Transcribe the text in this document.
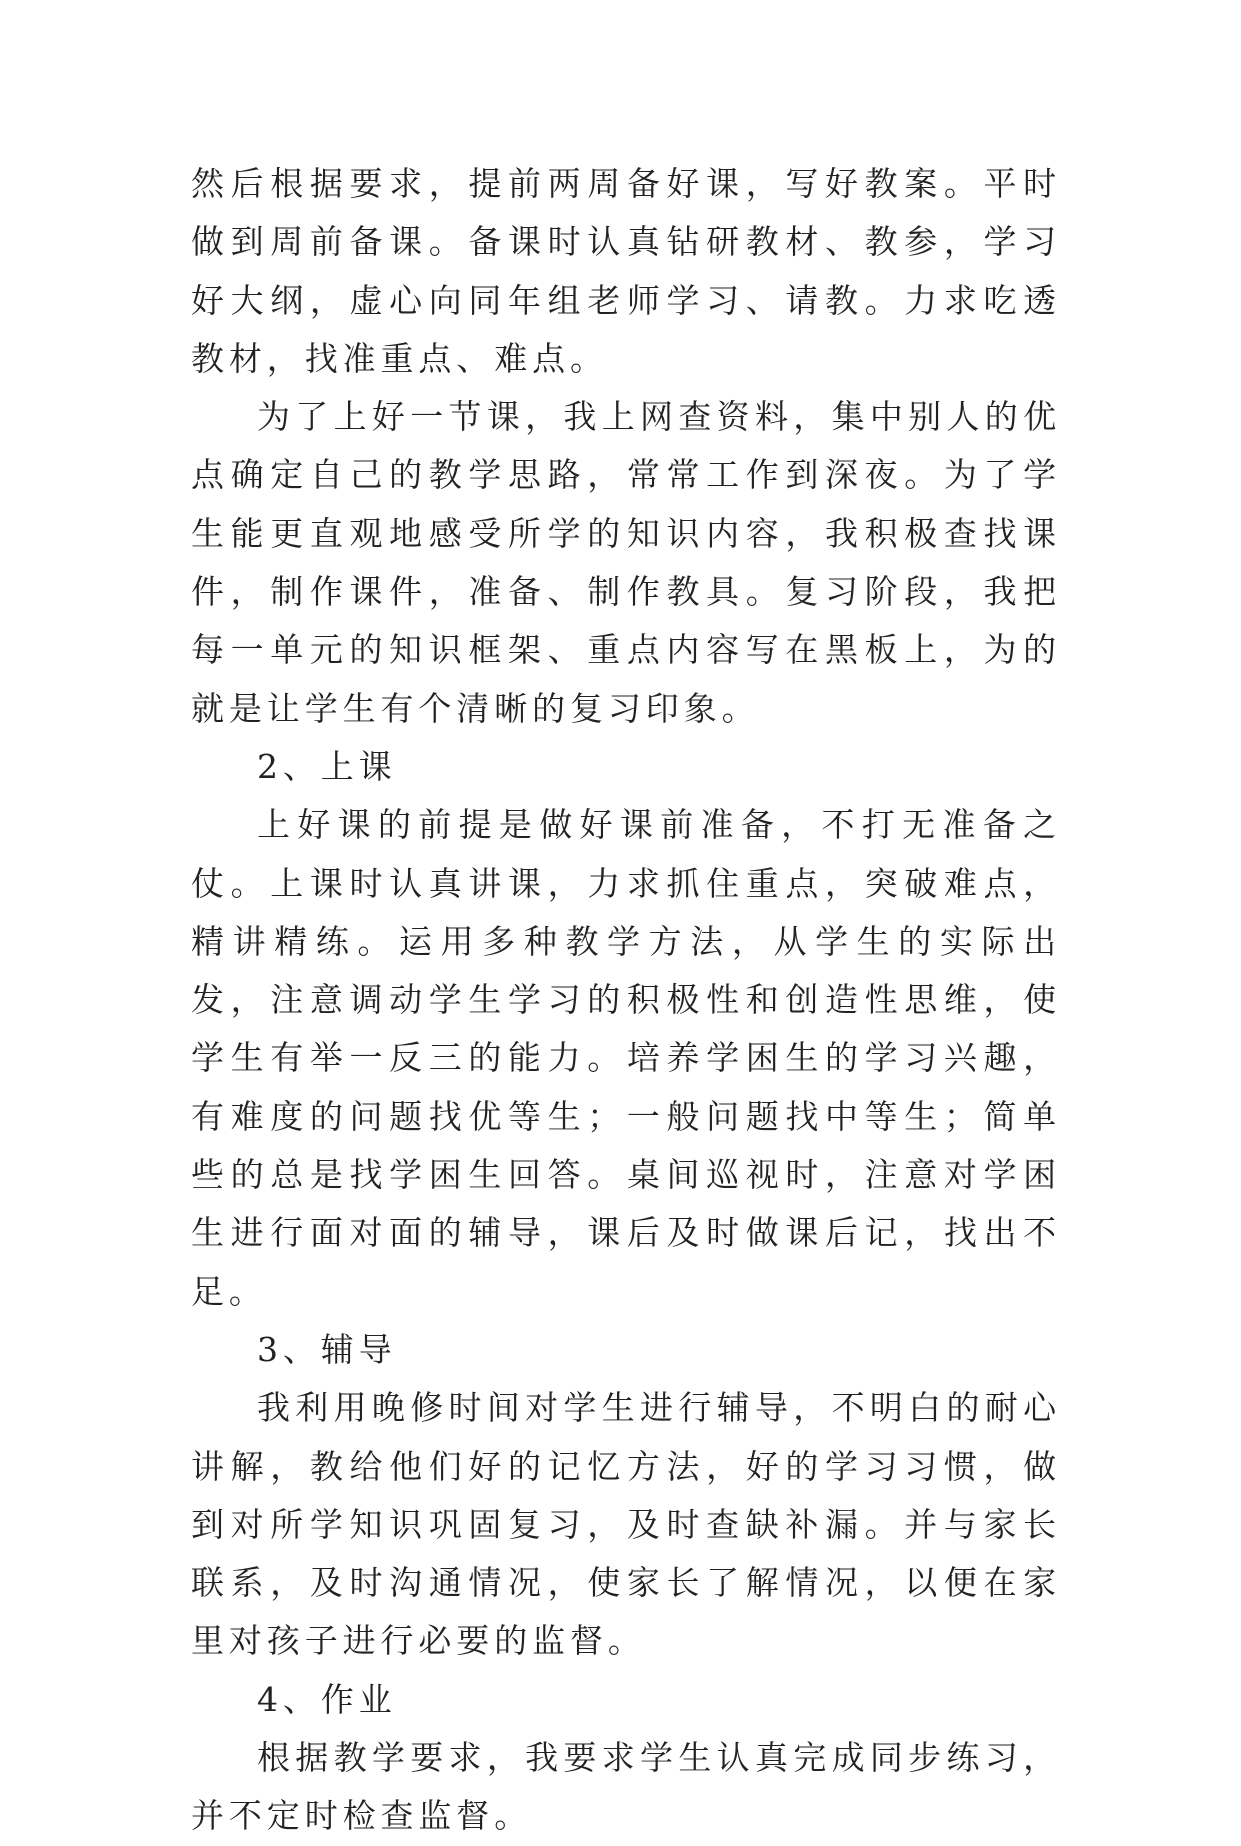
然后根据要求，提前两周备好课，写好教案。平时做到周前备课。备课时认真钻研教材、教参，学习好大纲，虚心向同年组老师学习、请教。力求吃透教材，找准重点、难点。

为了上好一节课，我上网查资料，集中别人的优点确定自己的教学思路，常常工作到深夜。为了学生能更直观地感受所学的知识内容，我积极查找课件，制作课件，准备、制作教具。复习阶段，我把每一单元的知识框架、重点内容写在黑板上，为的就是让学生有个清晰的复习印象。

2、上课

上好课的前提是做好课前准备，不打无准备之仗。上课时认真讲课，力求抓住重点，突破难点，精讲精练。运用多种教学方法，从学生的实际出发，注意调动学生学习的积极性和创造性思维，使学生有举一反三的能力。培养学困生的学习兴趣，有难度的问题找优等生；一般问题找中等生；简单些的总是找学困生回答。桌间巡视时，注意对学困生进行面对面的辅导，课后及时做课后记，找出不足。

3、辅导

我利用晚修时间对学生进行辅导，不明白的耐心讲解，教给他们好的记忆方法，好的学习习惯，做到对所学知识巩固复习，及时查缺补漏。并与家长联系，及时沟通情况，使家长了解情况，以便在家里对孩子进行必要的监督。

4、作业

根据教学要求，我要求学生认真完成同步练习，并不定时检查监督。
